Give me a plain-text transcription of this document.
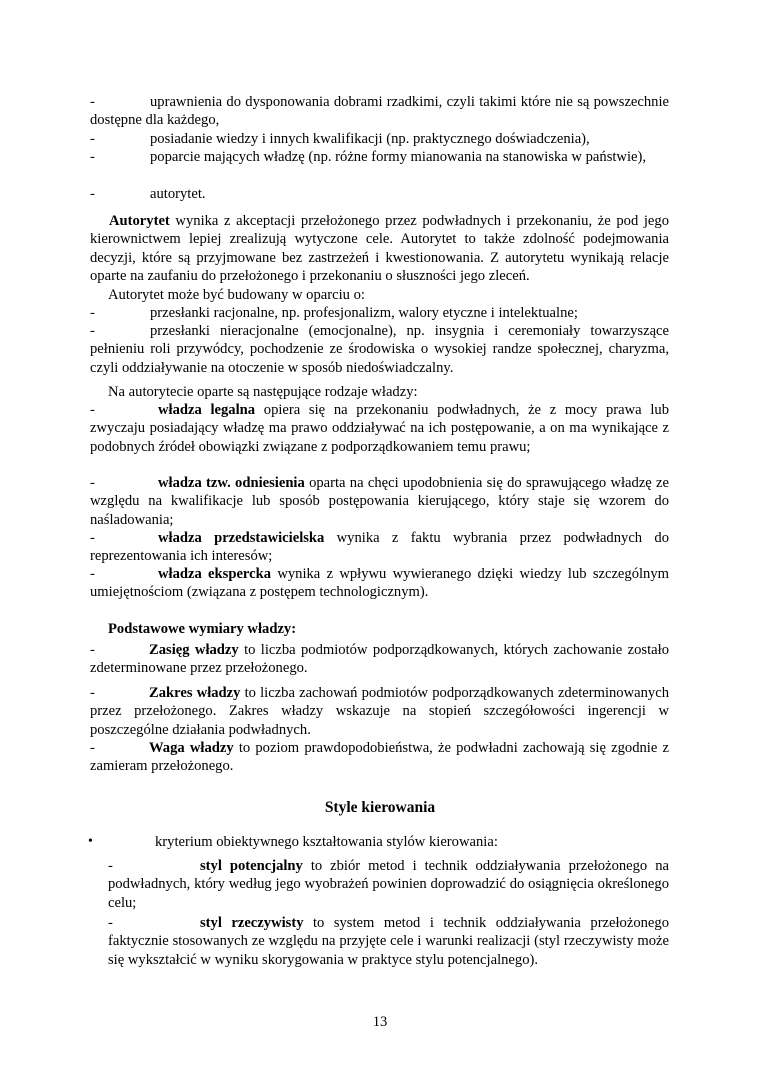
-	uprawnienia do dysponowania dobrami rzadkimi, czyli takimi które nie są powszechnie dostępne dla każdego,

-	posiadanie wiedzy i innych kwalifikacji (np. praktycznego doświadczenia),

-	poparcie mających władzę (np. różne formy mianowania na stanowiska w państwie),

-	autorytet.

Autorytet wynika z akceptacji przełożonego przez podwładnych i przekonaniu, że pod jego kierownictwem lepiej zrealizują wytyczone cele. Autorytet to także zdolność podejmowania decyzji, które są przyjmowane bez zastrzeżeń i kwestionowania. Z autorytetu wynikają relacje oparte na zaufaniu do przełożonego i przekonaniu o słuszności jego zleceń.

Autorytet może być budowany w oparciu o:

-	przesłanki racjonalne, np. profesjonalizm, walory etyczne i intelektualne;

-	przesłanki nieracjonalne (emocjonalne), np. insygnia i ceremoniały towarzyszące pełnieniu roli przywódcy, pochodzenie ze środowiska o wysokiej randze społecznej, charyzma, czyli oddziaływanie na otoczenie w sposób niedoświadczalny.

Na autorytecie oparte są następujące rodzaje władzy:

-	władza legalna opiera się na przekonaniu podwładnych, że z mocy prawa lub zwyczaju posiadający władzę ma prawo oddziaływać na ich postępowanie, a on ma wynikające z podobnych źródeł obowiązki związane z podporządkowaniem temu prawu;

-	władza tzw. odniesienia oparta na chęci upodobnienia się do sprawującego władzę ze względu na kwalifikacje lub sposób postępowania kierującego, który staje się wzorem do naśladowania;

-	władza przedstawicielska wynika z faktu wybrania przez podwładnych do reprezentowania ich interesów;

-	władza ekspercka wynika z wpływu wywieranego dzięki wiedzy lub szczególnym umiejętnościom (związana z postępem technologicznym).

Podstawowe wymiary władzy:

-	Zasięg władzy to liczba podmiotów podporządkowanych, których zachowanie zostało zdeterminowane przez przełożonego.

-	Zakres władzy to liczba zachowań podmiotów podporządkowanych zdeterminowanych przez przełożonego. Zakres władzy wskazuje na stopień szczegółowości ingerencji w poszczególne działania podwładnych.

-	Waga władzy to poziom prawdopodobieństwa, że podwładni zachowają się zgodnie z zamieram przełożonego.

Style kierowania
•	kryterium obiektywnego kształtowania stylów kierowania:

-	styl potencjalny to zbiór metod i technik oddziaływania przełożonego na podwładnych, który według jego wyobrażeń powinien doprowadzić do osiągnięcia określonego celu;

-	styl rzeczywisty to system metod i technik oddziaływania przełożonego faktycznie stosowanych ze względu na przyjęte cele i warunki realizacji (styl rzeczywisty może się wykształcić w wyniku skorygowania w praktyce stylu potencjalnego).

13
